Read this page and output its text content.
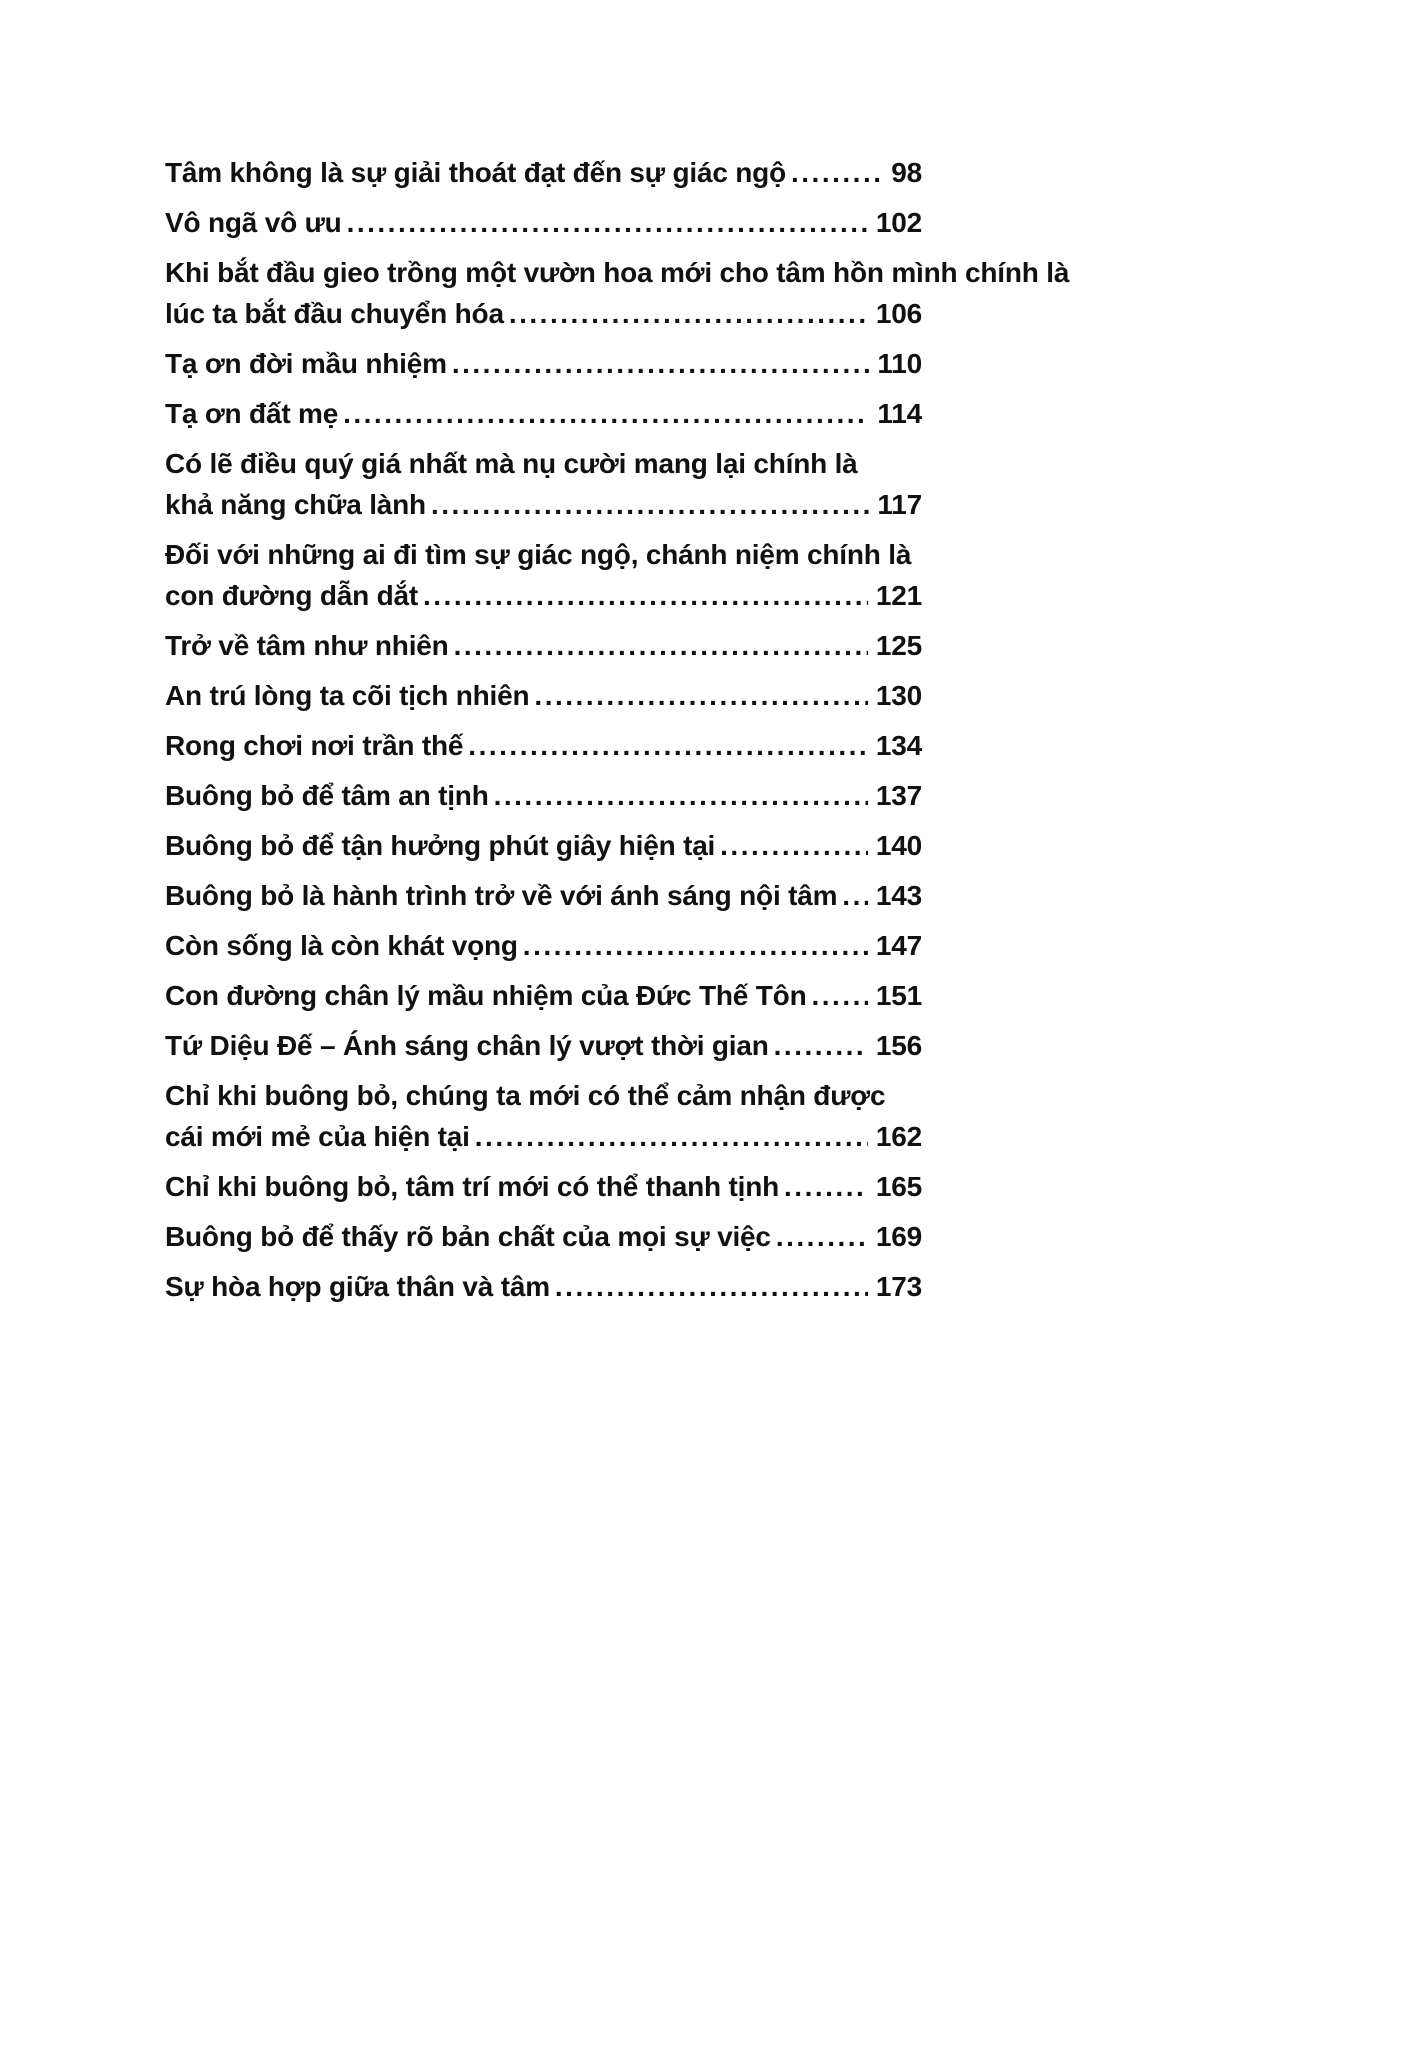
Tâm không là sự giải thoát đạt đến sự giác ngộ .....	98
Vô ngã vô ưu .....	102
Khi bắt đầu gieo trồng một vườn hoa mới cho tâm hồn mình chính là
lúc ta bắt đầu chuyển hóa .....	106
Tạ ơn đời mầu nhiệm .....	110
Tạ ơn đất mẹ .....	114
Có lẽ điều quý giá nhất mà nụ cười mang lại chính là
khả năng chữa lành .....	117
Đối với những ai đi tìm sự giác ngộ, chánh niệm chính là
con đường dẫn dắt .....	121
Trở về tâm như nhiên .....	125
An trú lòng ta cõi tịch nhiên .....	130
Rong chơi nơi trần thế .....	134
Buông bỏ để tâm an tịnh .....	137
Buông bỏ để tận hưởng phút giây hiện tại .....	140
Buông bỏ là hành trình trở về với ánh sáng nội tâm ..... 143
Còn sống là còn khát vọng .....	147
Con đường chân lý mầu nhiệm của Đức Thế Tôn ..... 151
Tứ Diệu Đế – Ánh sáng chân lý vượt thời gian .....	156
Chỉ khi buông bỏ, chúng ta mới có thể cảm nhận được
cái mới mẻ của hiện tại .....	162
Chỉ khi buông bỏ, tâm trí mới có thể thanh tịnh .....	165
Buông bỏ để thấy rõ bản chất của mọi sự việc .....	169
Sự hòa hợp giữa thân và tâm .....	173
